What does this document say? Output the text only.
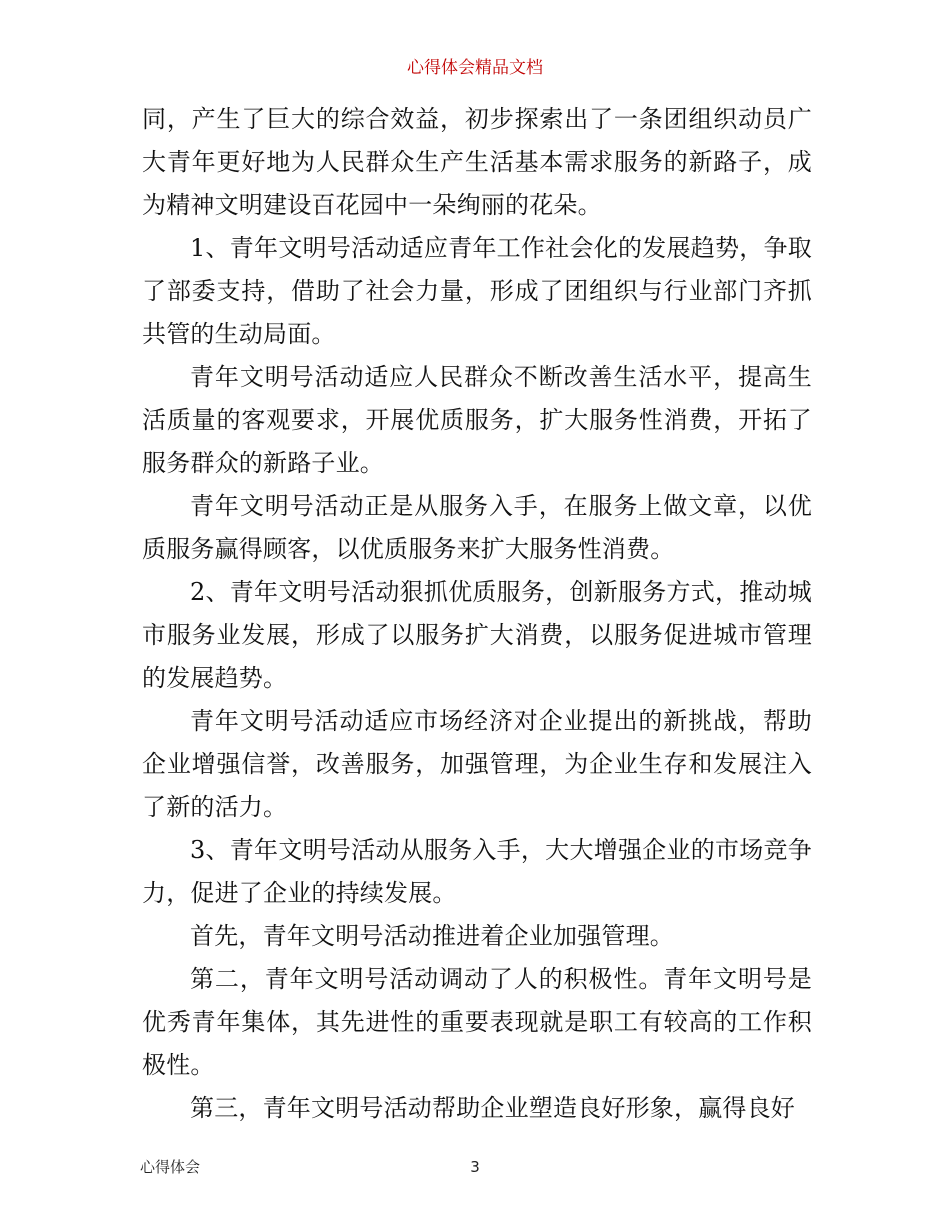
心得体会精品文档

同，产生了巨大的综合效益，初步探索出了一条团组织动员广大青年更好地为人民群众生产生活基本需求服务的新路子，成为精神文明建设百花园中一朵绚丽的花朵。

1、青年文明号活动适应青年工作社会化的发展趋势，争取了部委支持，借助了社会力量，形成了团组织与行业部门齐抓共管的生动局面。

青年文明号活动适应人民群众不断改善生活水平，提高生活质量的客观要求，开展优质服务，扩大服务性消费，开拓了服务群众的新路子业。

青年文明号活动正是从服务入手，在服务上做文章，以优质服务赢得顾客，以优质服务来扩大服务性消费。

2、青年文明号活动狠抓优质服务，创新服务方式，推动城市服务业发展，形成了以服务扩大消费，以服务促进城市管理的发展趋势。

青年文明号活动适应市场经济对企业提出的新挑战，帮助企业增强信誉，改善服务，加强管理，为企业生存和发展注入了新的活力。

3、青年文明号活动从服务入手，大大增强企业的市场竞争力，促进了企业的持续发展。

首先，青年文明号活动推进着企业加强管理。

第二，青年文明号活动调动了人的积极性。青年文明号是优秀青年集体，其先进性的重要表现就是职工有较高的工作积极性。

第三，青年文明号活动帮助企业塑造良好形象，赢得良好

心得体会	3
